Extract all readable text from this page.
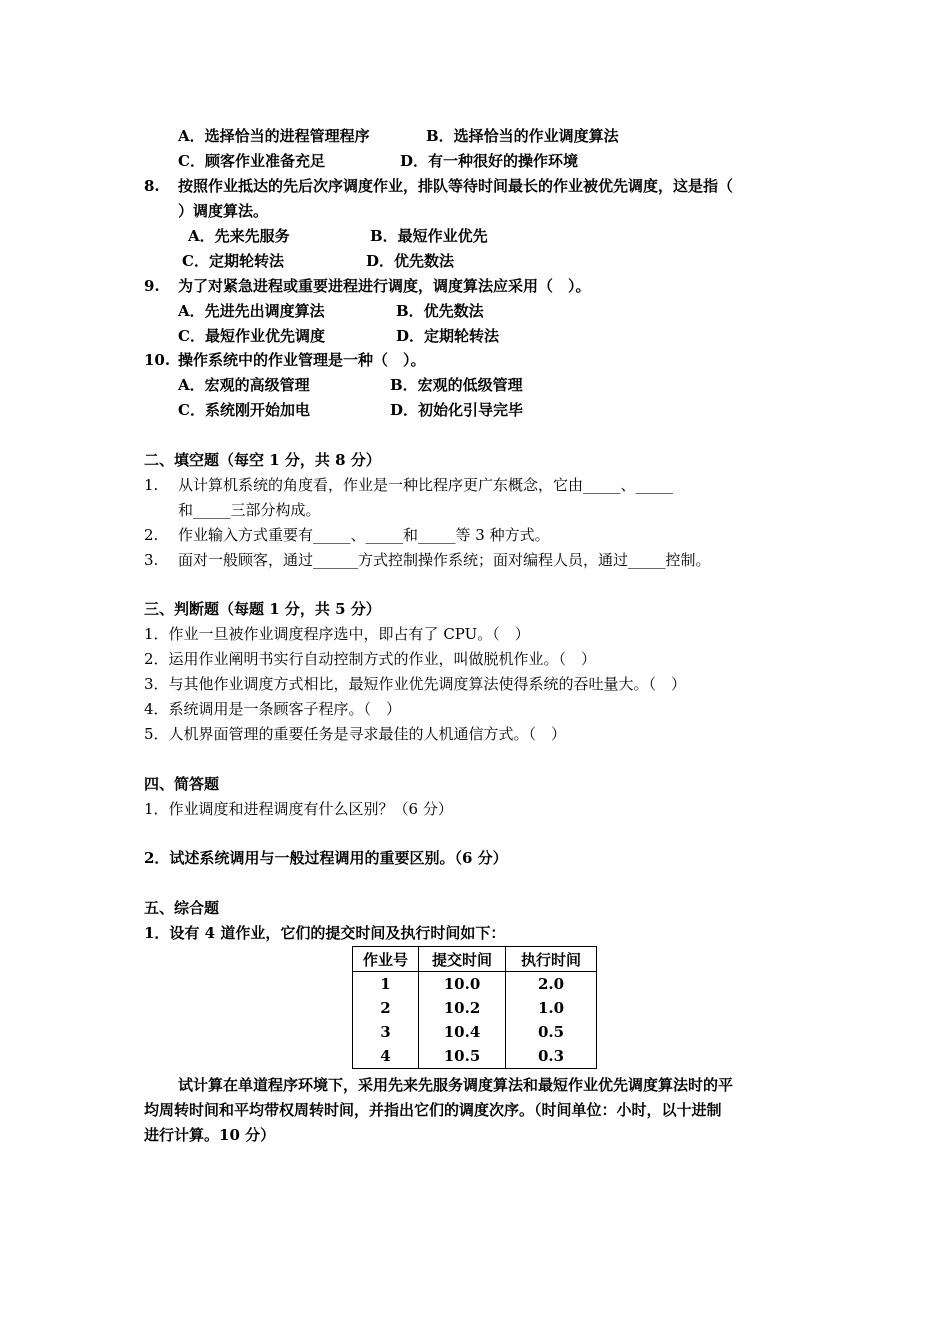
A．选择恰当的进程管理程序	B．选择恰当的作业调度算法
C．顾客作业准备充足	D．有一种很好的操作环境
8. 按照作业抵达的先后次序调度作业，排队等待时间最长的作业被优先调度，这是指（
）调度算法。
A．先来先服务	B．最短作业优先
C．定期轮转法	D．优先数法
9. 为了对紧急进程或重要进程进行调度，调度算法应采用（　）。
A．先进先出调度算法	B．优先数法
C．最短作业优先调度	D．定期轮转法
10. 操作系统中的作业管理是一种（　）。
A．宏观的高级管理	B．宏观的低级管理
C．系统刚开始加电	D．初始化引导完毕
二、填空题（每空 1 分，共 8 分）
1. 从计算机系统的角度看，作业是一种比程序更广东概念，它由_____、_____
和_____三部分构成。
2. 作业输入方式重要有_____、_____和_____等 3 种方式。
3. 面对一般顾客，通过______方式控制操作系统；面对编程人员，通过_____控制。
三、判断题（每题 1 分，共 5 分）
1．作业一旦被作业调度程序选中，即占有了 CPU。（　）
2．运用作业阐明书实行自动控制方式的作业，叫做脱机作业。（　）
3．与其他作业调度方式相比，最短作业优先调度算法使得系统的吞吐量大。（　）
4．系统调用是一条顾客子程序。（　）
5．人机界面管理的重要任务是寻求最佳的人机通信方式。（　）
四、简答题
1．作业调度和进程调度有什么区别？（6 分）
2．试述系统调用与一般过程调用的重要区别。（6 分）
五、综合题
1．设有 4 道作业，它们的提交时间及执行时间如下：
作业号	提交时间	执行时间
1	10.0	2.0
2	10.2	1.0
3	10.4	0.5
4	10.5	0.3
试计算在单道程序环境下，采用先来先服务调度算法和最短作业优先调度算法时的平
均周转时间和平均带权周转时间，并指出它们的调度次序。（时间单位：小时，以十进制
进行计算。10 分）
